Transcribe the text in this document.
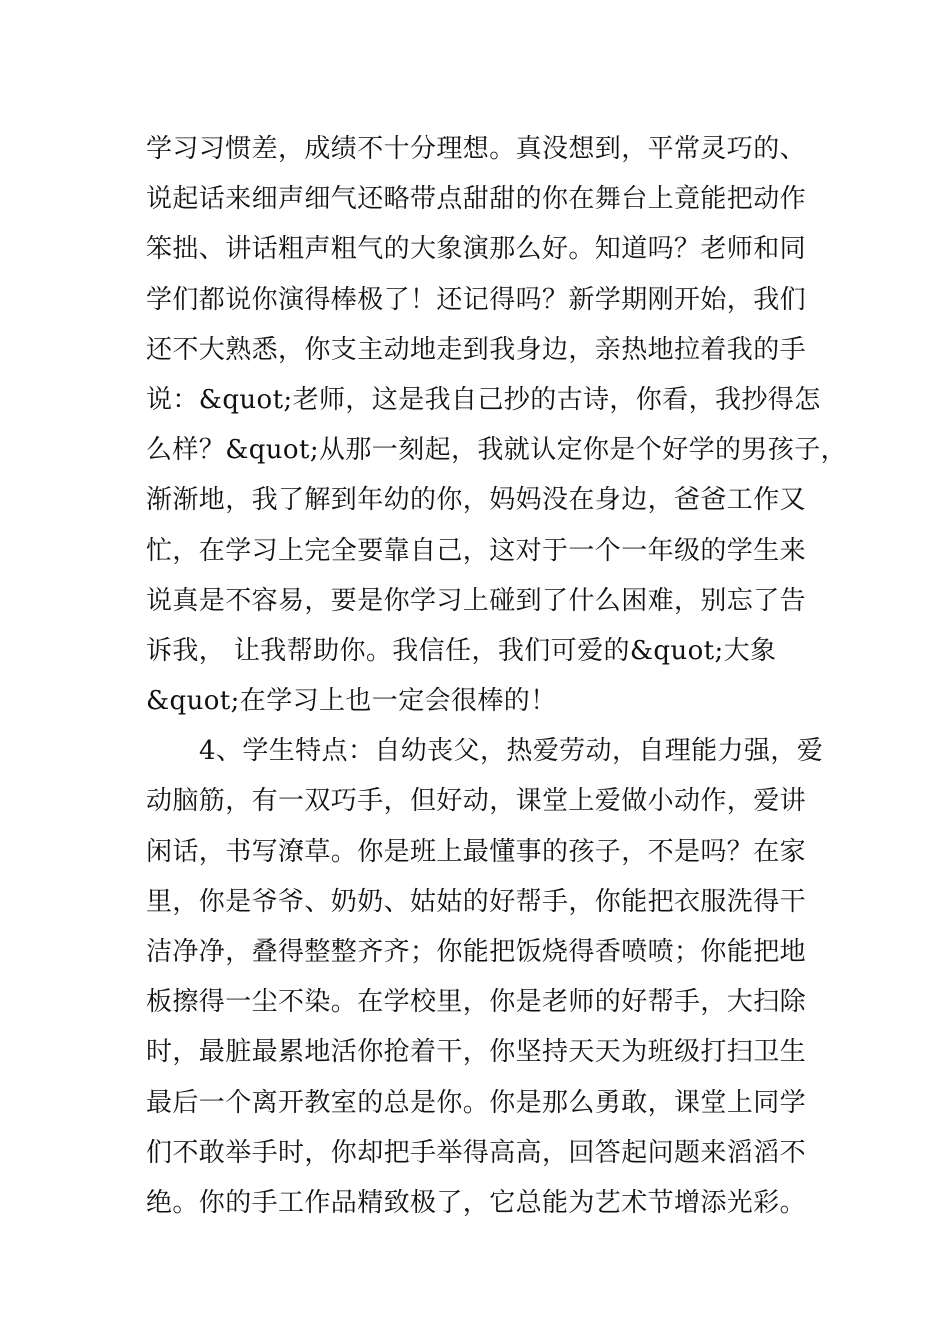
学习习惯差，成绩不十分理想。真没想到，平常灵巧的、
说起话来细声细气还略带点甜甜的你在舞台上竟能把动作
笨拙、讲话粗声粗气的大象演那么好。知道吗？老师和同
学们都说你演得棒极了！还记得吗？新学期刚开始，我们
还不大熟悉，你支主动地走到我身边，亲热地拉着我的手
说：&quot;老师，这是我自己抄的古诗，你看，我抄得怎
么样？&quot;从那一刻起，我就认定你是个好学的男孩子，
渐渐地，我了解到年幼的你，妈妈没在身边，爸爸工作又
忙，在学习上完全要靠自己，这对于一个一年级的学生来
说真是不容易，要是你学习上碰到了什么困难，别忘了告
诉我， 让我帮助你。我信任，我们可爱的&quot;大象
&quot;在学习上也一定会很棒的！
4、学生特点：自幼丧父，热爱劳动，自理能力强，爱
动脑筋，有一双巧手，但好动，课堂上爱做小动作，爱讲
闲话，书写潦草。你是班上最懂事的孩子，不是吗？在家
里，你是爷爷、奶奶、姑姑的好帮手，你能把衣服洗得干
洁净净，叠得整整齐齐；你能把饭烧得香喷喷；你能把地
板擦得一尘不染。在学校里，你是老师的好帮手，大扫除
时，最脏最累地活你抢着干，你坚持天天为班级打扫卫生
最后一个离开教室的总是你。你是那么勇敢，课堂上同学
们不敢举手时，你却把手举得高高，回答起问题来滔滔不
绝。你的手工作品精致极了，它总能为艺术节增添光彩。
